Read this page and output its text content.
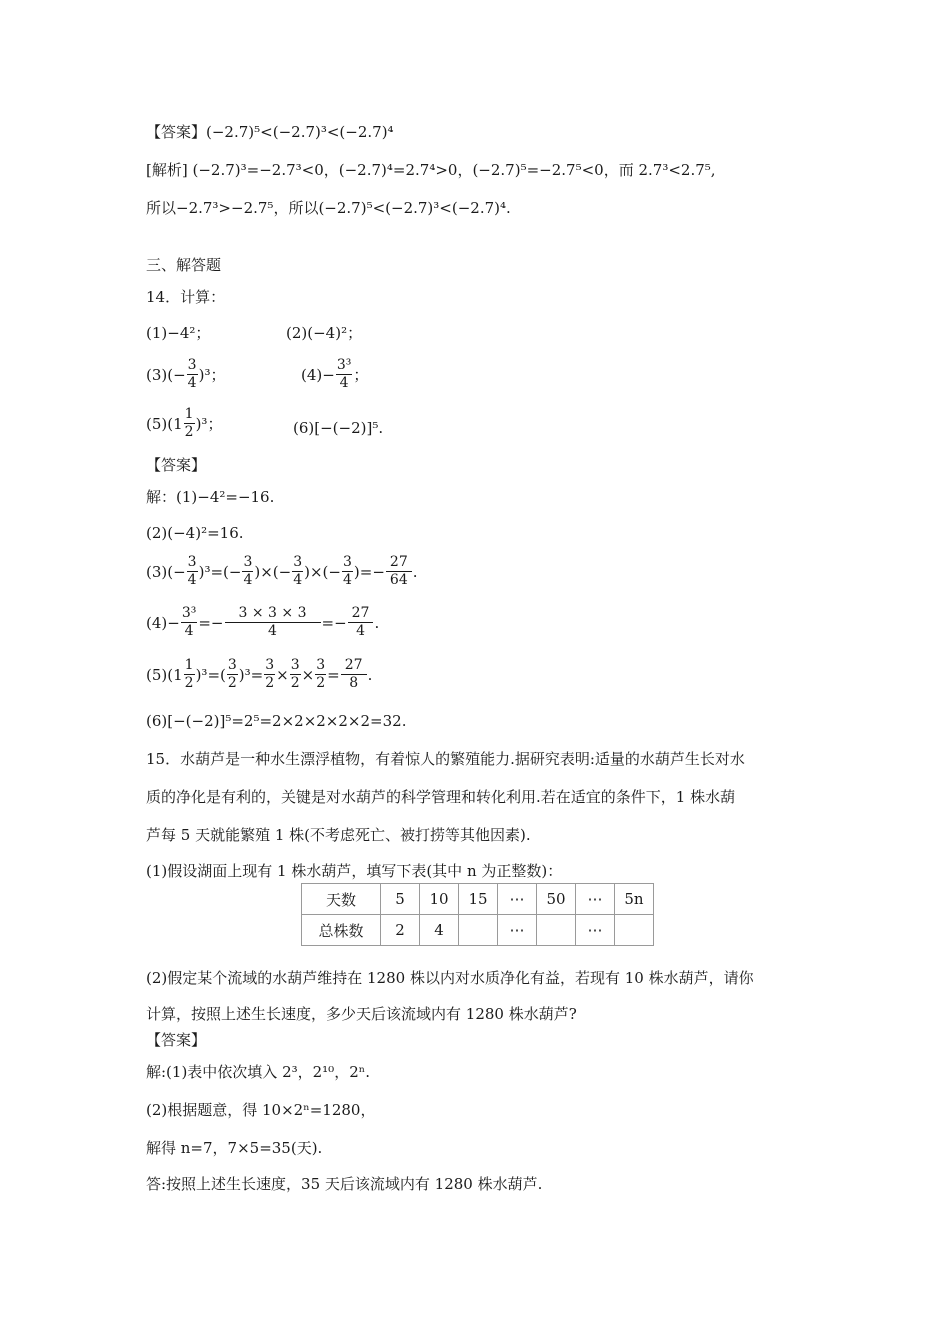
【答案】(−2.7)⁵<(−2.7)³<(−2.7)⁴
[解析] (−2.7)³=−2.7³<0，(−2.7)⁴=2.7⁴>0，(−2.7)⁵=−2.7⁵<0，而 2.7³<2.7⁵,
所以−2.7³>−2.7⁵，所以(−2.7)⁵<(−2.7)³<(−2.7)⁴.
三、解答题
14．计算：
(1)−4²；	(2)(−4)²；
$(3)(- \frac{3}{4} )^3$；	$(4)- \frac{\text{3³}}{4}$ ；
$(5)(1 \frac{1}{2} )^3$；	(6)[−(−2)]⁵.
【答案】
解：(1)−4²=−16.
(2)(−4)²=16.
$(3)(- \frac{3}{4} )^3=(- \frac{3}{4}$ )×(− $\frac{3}{4}$ )×(− $\frac{3}{4}$ )=− $\frac{27}{64}$ .
$(4)- \frac{\text{3³}}{4} =- \frac{3 \times 3 \times 3}{4} =- \frac{27}{4}$ .
$(5)(1 \frac{1}{2} )^3=( \frac{3}{2} )^3= \frac{3}{2} \times \frac{3}{2} \times \frac{3}{2} = \frac{27}{8}$ .
(6)[−(−2)]⁵=2⁵=2×2×2×2×2=32.
15．水葫芦是一种水生漂浮植物，有着惊人的繁殖能力.据研究表明:适量的水葫芦生长对水
质的净化是有利的，关键是对水葫芦的科学管理和转化利用.若在适宜的条件下，1 株水葫
芦每 5 天就能繁殖 1 株(不考虑死亡、被打捞等其他因素).
(1)假设湖面上现有 1 株水葫芦，填写下表(其中 n 为正整数)：
天数	5	10	15	⋯	50	⋯	5n
总株数	2	4		⋯		⋯	
(2)假定某个流域的水葫芦维持在 1280 株以内对水质净化有益，若现有 10 株水葫芦，请你
计算，按照上述生长速度，多少天后该流域内有 1280 株水葫芦?
【答案】
解:(1)表中依次填入 2³，2¹⁰，2ⁿ.
(2)根据题意，得 10×2ⁿ=1280，
解得 n=7，7×5=35(天).
答:按照上述生长速度，35 天后该流域内有 1280 株水葫芦.
